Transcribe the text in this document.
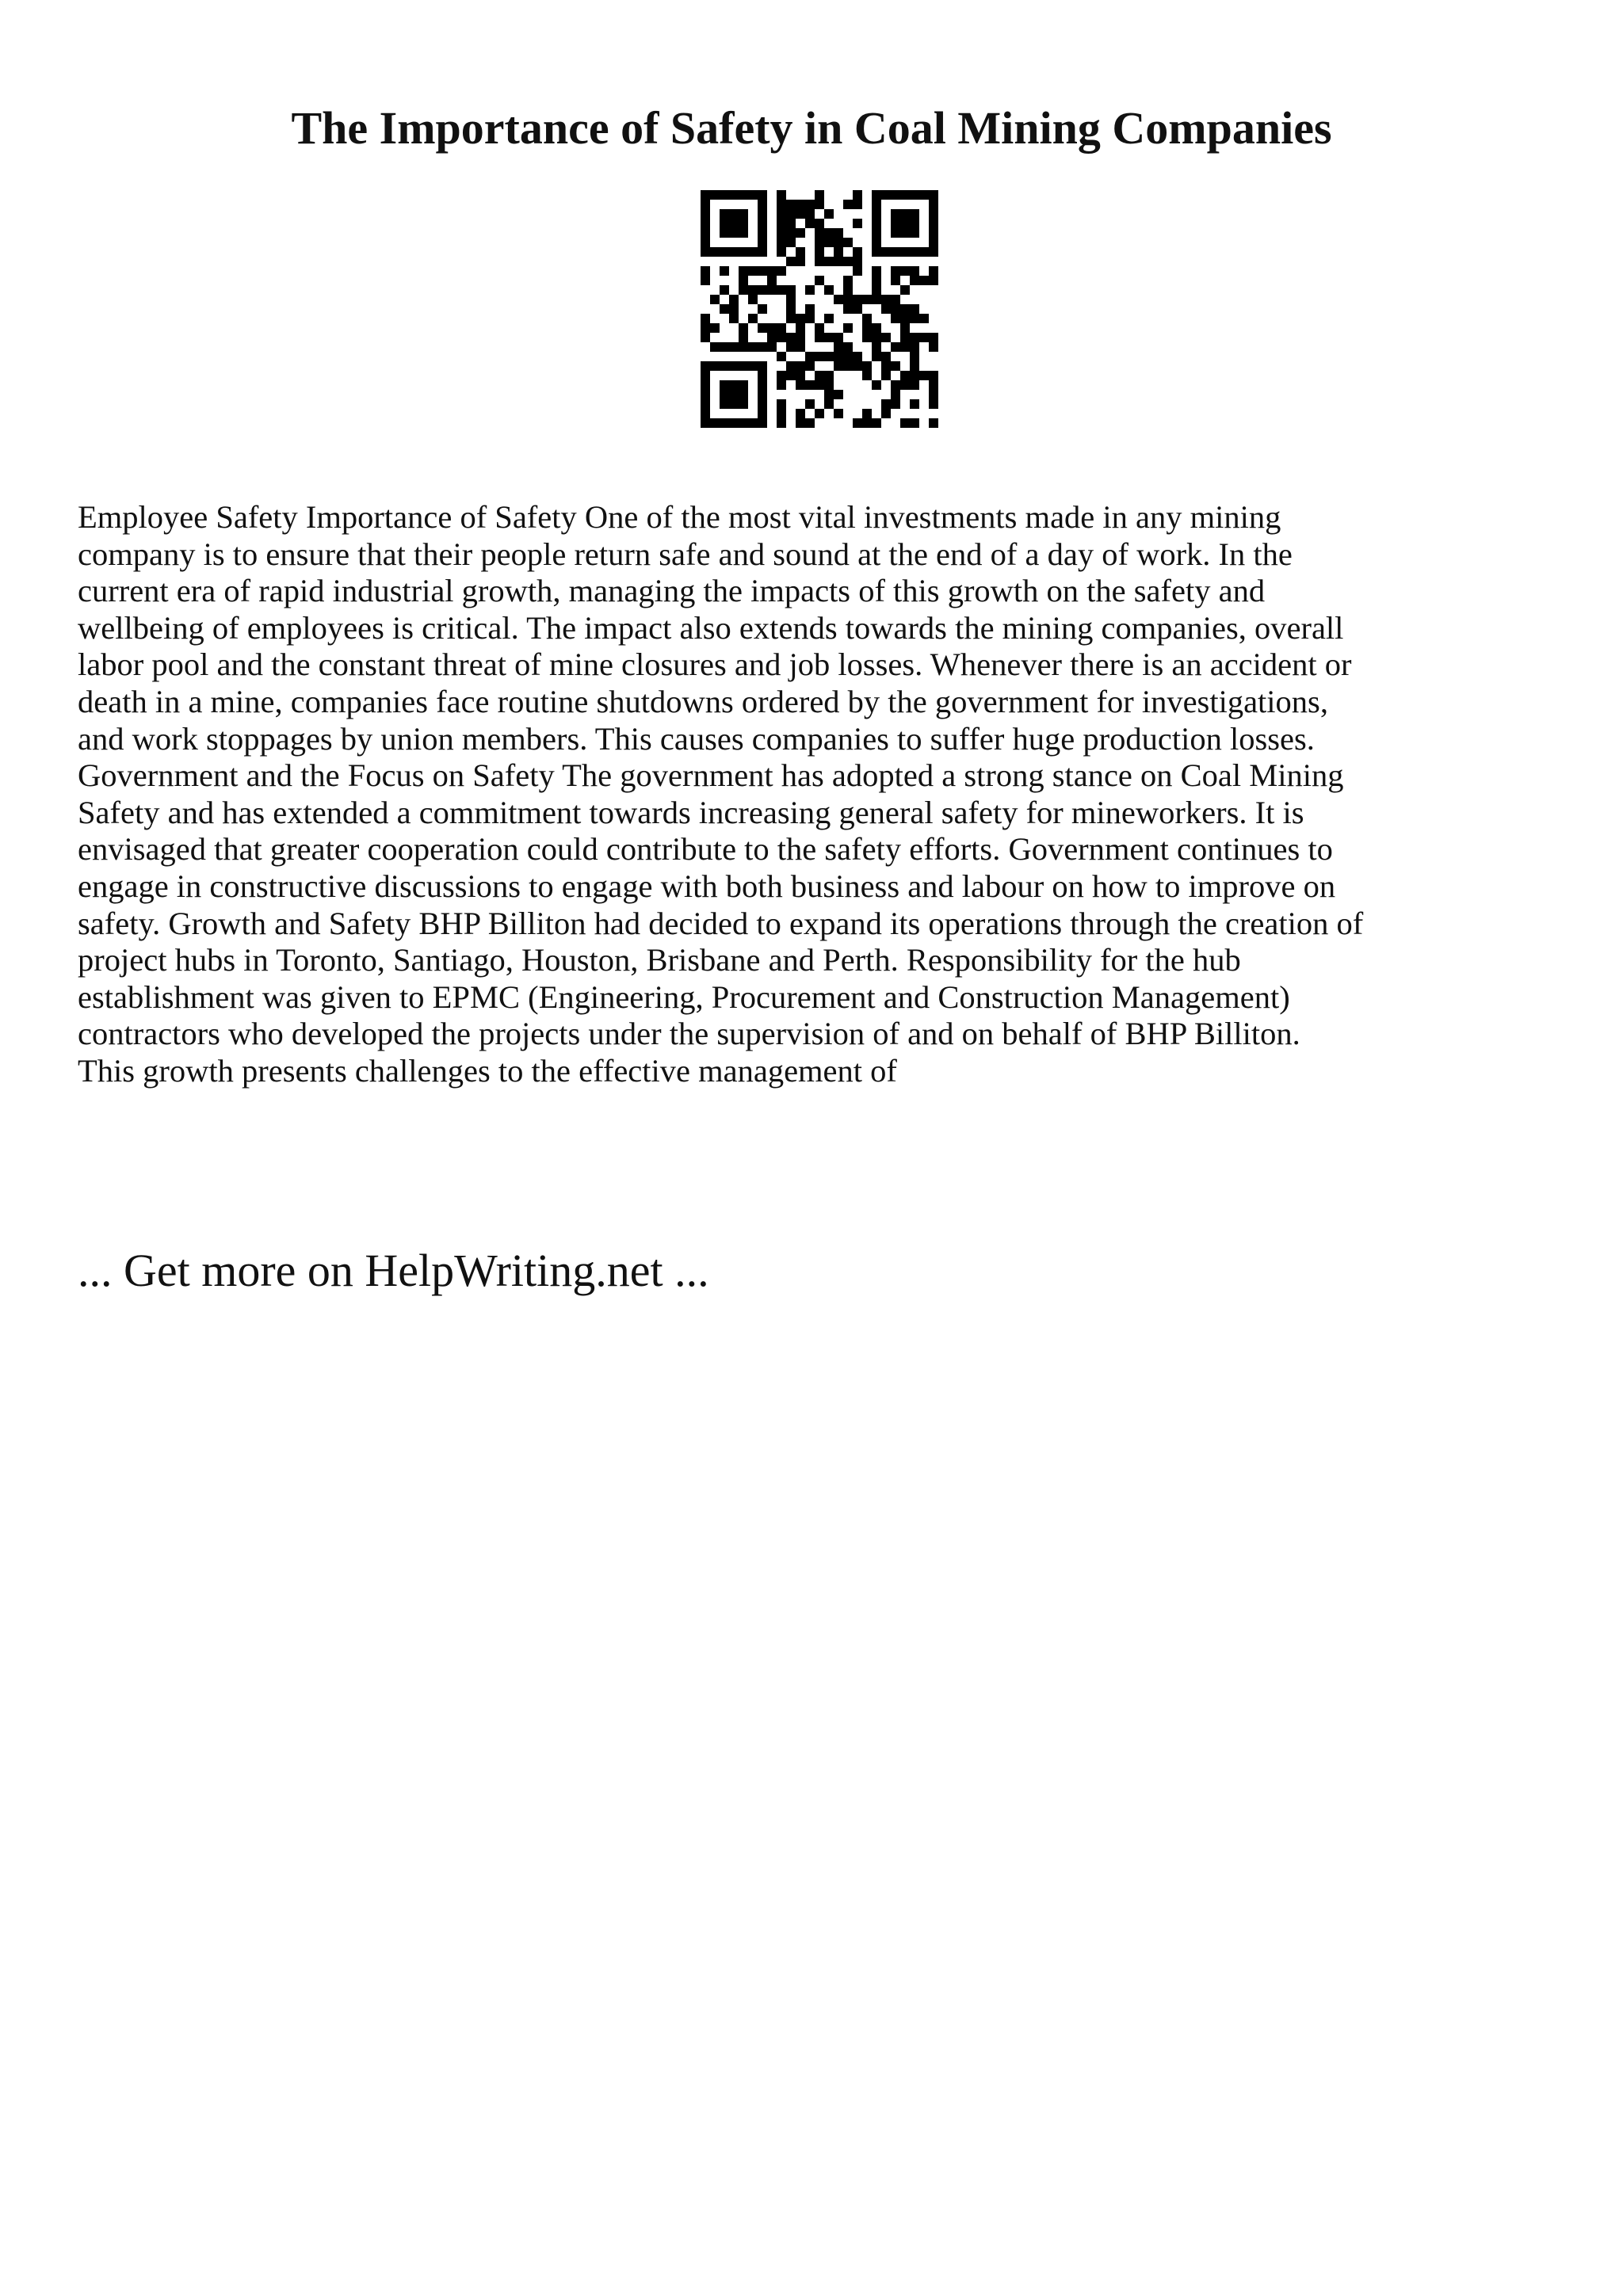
The Importance of Safety in Coal Mining Companies
Employee Safety Importance of Safety One of the most vital investments made in any mining
company is to ensure that their people return safe and sound at the end of a day of work. In the
current era of rapid industrial growth, managing the impacts of this growth on the safety and
wellbeing of employees is critical. The impact also extends towards the mining companies, overall
labor pool and the constant threat of mine closures and job losses. Whenever there is an accident or
death in a mine, companies face routine shutdowns ordered by the government for investigations,
and work stoppages by union members. This causes companies to suffer huge production losses.
Government and the Focus on Safety The government has adopted a strong stance on Coal Mining
Safety and has extended a commitment towards increasing general safety for mineworkers. It is
envisaged that greater cooperation could contribute to the safety efforts. Government continues to
engage in constructive discussions to engage with both business and labour on how to improve on
safety. Growth and Safety BHP Billiton had decided to expand its operations through the creation of
project hubs in Toronto, Santiago, Houston, Brisbane and Perth. Responsibility for the hub
establishment was given to EPMC (Engineering, Procurement and Construction Management)
contractors who developed the projects under the supervision of and on behalf of BHP Billiton.
This growth presents challenges to the effective management of
... Get more on HelpWriting.net ...
